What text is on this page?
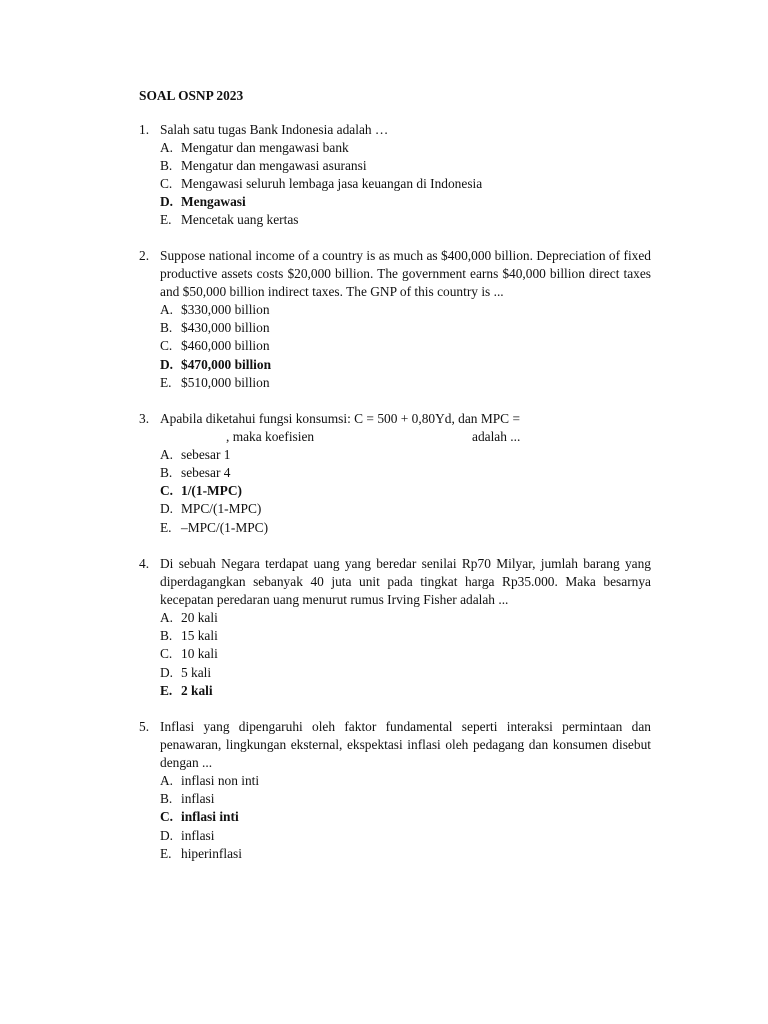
SOAL OSNP 2023
1. Salah satu tugas Bank Indonesia adalah …
A. Mengatur dan mengawasi bank
B. Mengatur dan mengawasi asuransi
C. Mengawasi seluruh lembaga jasa keuangan di Indonesia
D. Mengawasi
E. Mencetak uang kertas
2. Suppose national income of a country is as much as $400,000 billion. Depreciation of fixed productive assets costs $20,000 billion. The government earns $40,000 billion direct taxes and $50,000 billion indirect taxes. The GNP of this country is ...
A. $330,000 billion
B. $430,000 billion
C. $460,000 billion
D. $470,000 billion
E. $510,000 billion
3. Apabila diketahui fungsi konsumsi: C = 500 + 0,80Yd, dan MPC =
, maka koefisien	adalah ...
A. sebesar 1
B. sebesar 4
C. 1/(1-MPC)
D. MPC/(1-MPC)
E. –MPC/(1-MPC)
4. Di sebuah Negara terdapat uang yang beredar senilai Rp70 Milyar, jumlah barang yang diperdagangkan sebanyak 40 juta unit pada tingkat harga Rp35.000. Maka besarnya kecepatan peredaran uang menurut rumus Irving Fisher adalah ...
A. 20 kali
B. 15 kali
C. 10 kali
D. 5 kali
E. 2 kali
5. Inflasi yang dipengaruhi oleh faktor fundamental seperti interaksi permintaan dan penawaran, lingkungan eksternal, ekspektasi inflasi oleh pedagang dan konsumen disebut dengan ...
A. inflasi non inti
B. inflasi
C. inflasi inti
D. inflasi
E. hiperinflasi
